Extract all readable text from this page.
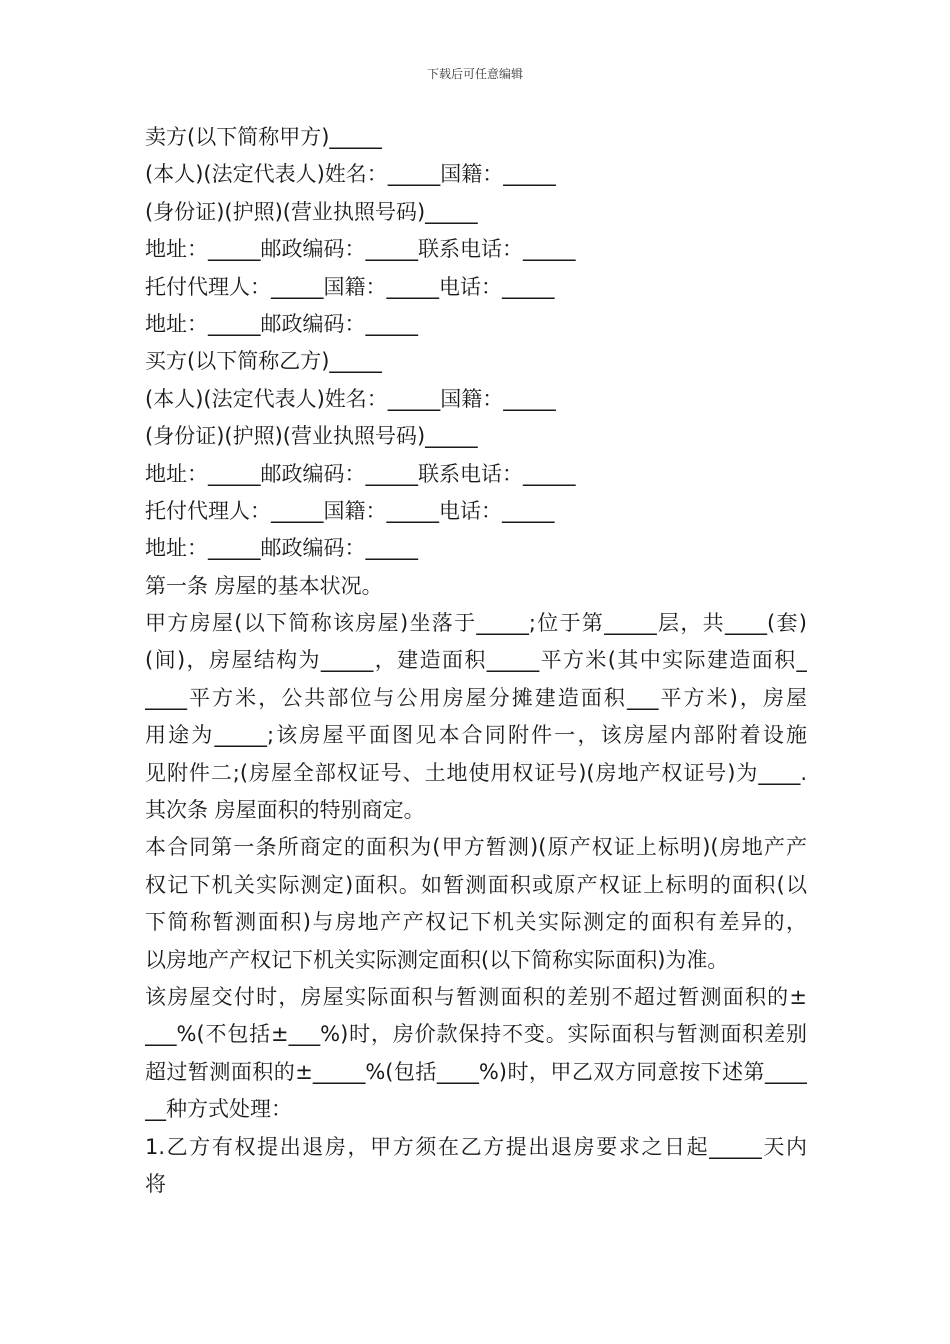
下载后可任意编辑
卖方(以下简称甲方)_____
(本人)(法定代表人)姓名：_____国籍：_____
(身份证)(护照)(营业执照号码)_____
地址：_____邮政编码：_____联系电话：_____
托付代理人：_____国籍：_____电话：_____
地址：_____邮政编码：_____
买方(以下简称乙方)_____
(本人)(法定代表人)姓名：_____国籍：_____
(身份证)(护照)(营业执照号码)_____
地址：_____邮政编码：_____联系电话：_____
托付代理人：_____国籍：_____电话：_____
地址：_____邮政编码：_____
第一条 房屋的基本状况。
甲方房屋(以下简称该房屋)坐落于_____;位于第_____层，共____(套)
(间)，房屋结构为_____，建造面积_____平方米(其中实际建造面积_
____平方米，公共部位与公用房屋分摊建造面积___平方米)，房屋
用途为_____;该房屋平面图见本合同附件一，该房屋内部附着设施
见附件二;(房屋全部权证号、土地使用权证号)(房地产权证号)为____.
其次条 房屋面积的特别商定。
本合同第一条所商定的面积为(甲方暂测)(原产权证上标明)(房地产产
权记下机关实际测定)面积。如暂测面积或原产权证上标明的面积(以
下简称暂测面积)与房地产产权记下机关实际测定的面积有差异的，
以房地产产权记下机关实际测定面积(以下简称实际面积)为准。
该房屋交付时，房屋实际面积与暂测面积的差别不超过暂测面积的±
___%(不包括±___%)时，房价款保持不变。实际面积与暂测面积差别
超过暂测面积的±_____%(包括____%)时，甲乙双方同意按下述第____
__种方式处理：
1.乙方有权提出退房，甲方须在乙方提出退房要求之日起_____天内
将
